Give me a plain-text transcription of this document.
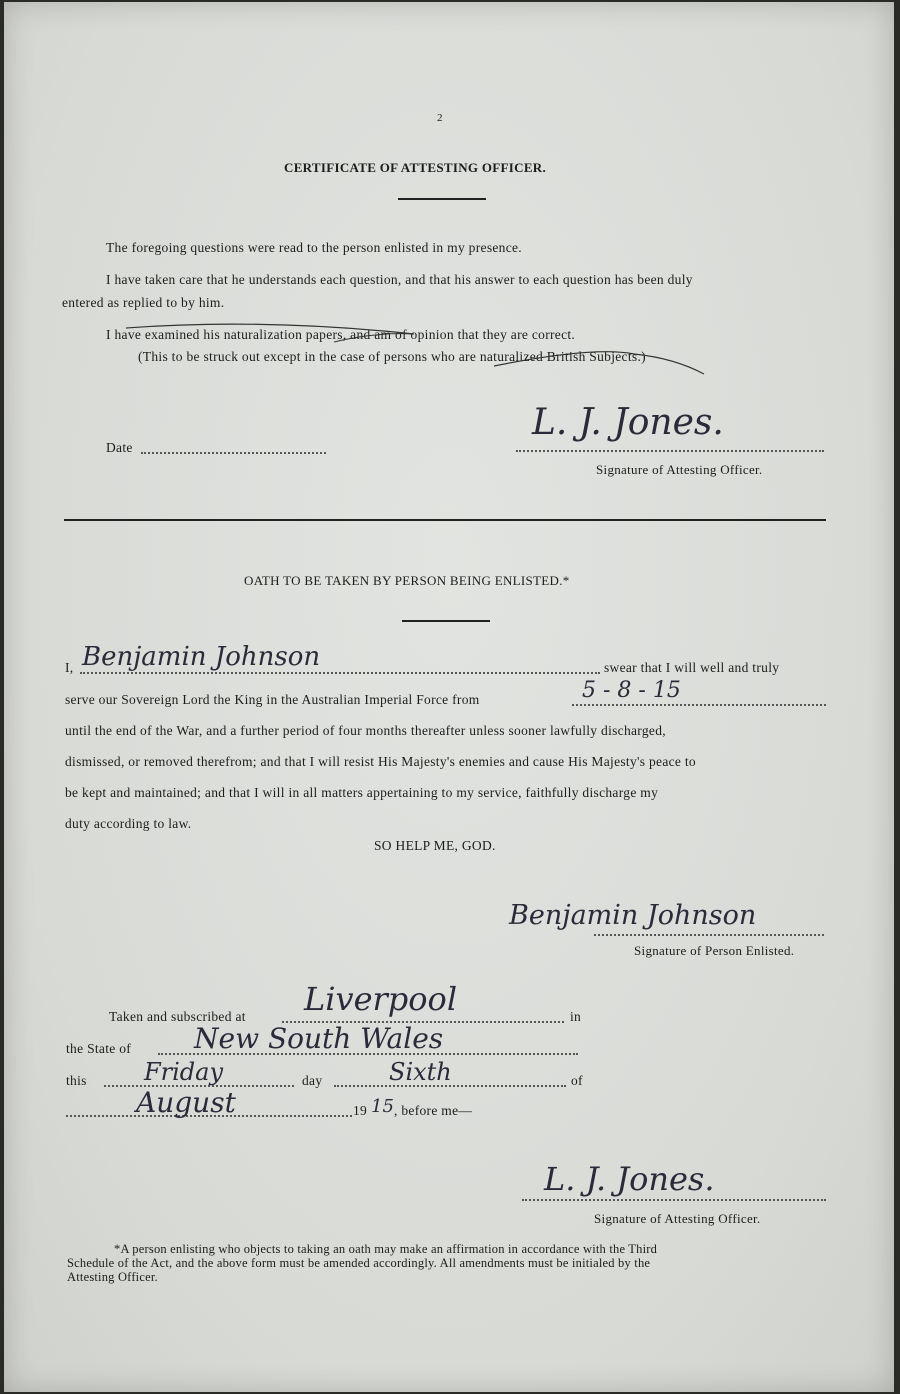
2
CERTIFICATE OF ATTESTING OFFICER.
The foregoing questions were read to the person enlisted in my presence.
I have taken care that he understands each question, and that his answer to each question has been duly
entered as replied to by him.
I have examined his naturalization papers, and am of opinion that they are correct.
(This to be struck out except in the case of persons who are naturalized British Subjects.)
Date
L. J. Jones.
Signature of Attesting Officer.
OATH TO BE TAKEN BY PERSON BEING ENLISTED.*
I, Benjamin Johnson	swear that I will well and truly
serve our Sovereign Lord the King in the Australian Imperial Force from	5 - 8 - 15
until the end of the War, and a further period of four months thereafter unless sooner lawfully discharged,
dismissed, or removed therefrom; and that I will resist His Majesty's enemies and cause His Majesty's peace to
be kept and maintained; and that I will in all matters appertaining to my service, faithfully discharge my
duty according to law.
SO HELP ME, GOD.
Benjamin Johnson
Signature of Person Enlisted.
Taken and subscribed at Liverpool	in
the State of New South Wales
this Friday	day	Sixth	of
August	19 15 , before me—
L. J. Jones.
Signature of Attesting Officer.
*A person enlisting who objects to taking an oath may make an affirmation in accordance with the Third
Schedule of the Act, and the above form must be amended accordingly. All amendments must be initialed by the
Attesting Officer.
